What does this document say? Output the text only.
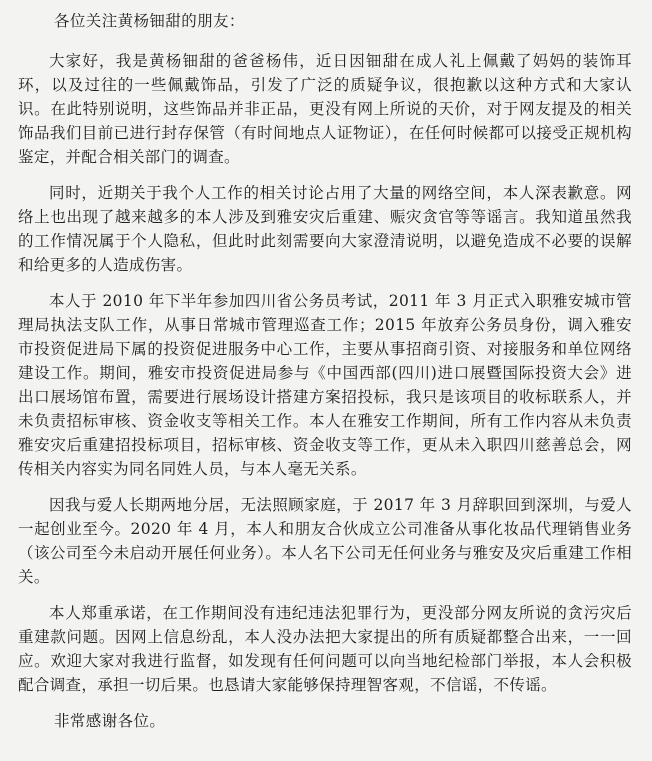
各位关注黄杨钿甜的朋友：

大家好，我是黄杨钿甜的爸爸杨伟，近日因钿甜在成人礼上佩戴了妈妈的装饰耳环，以及过往的一些佩戴饰品，引发了广泛的质疑争议，很抱歉以这种方式和大家认识。在此特别说明，这些饰品并非正品，更没有网上所说的天价，对于网友提及的相关饰品我们目前已进行封存保管（有时间地点人证物证），在任何时候都可以接受正规机构鉴定，并配合相关部门的调查。

同时，近期关于我个人工作的相关讨论占用了大量的网络空间，本人深表歉意。网络上也出现了越来越多的本人涉及到雅安灾后重建、赈灾贪官等等谣言。我知道虽然我的工作情况属于个人隐私，但此时此刻需要向大家澄清说明，以避免造成不必要的误解和给更多的人造成伤害。

本人于 2010 年下半年参加四川省公务员考试，2011 年 3 月正式入职雅安城市管理局执法支队工作，从事日常城市管理巡查工作；2015 年放弃公务员身份，调入雅安市投资促进局下属的投资促进服务中心工作，主要从事招商引资、对接服务和单位网络建设工作。期间，雅安市投资促进局参与《中国西部(四川)进口展暨国际投资大会》进出口展场馆布置，需要进行展场设计搭建方案招投标，我只是该项目的收标联系人，并未负责招标审核、资金收支等相关工作。本人在雅安工作期间，所有工作内容从未负责雅安灾后重建招投标项目，招标审核、资金收支等工作，更从未入职四川慈善总会，网传相关内容实为同名同姓人员，与本人毫无关系。

因我与爱人长期两地分居，无法照顾家庭，于 2017 年 3 月辞职回到深圳，与爱人一起创业至今。2020 年 4 月，本人和朋友合伙成立公司准备从事化妆品代理销售业务（该公司至今未启动开展任何业务）。本人名下公司无任何业务与雅安及灾后重建工作相关。

本人郑重承诺，在工作期间没有违纪违法犯罪行为，更没部分网友所说的贪污灾后重建款问题。因网上信息纷乱，本人没办法把大家提出的所有质疑都整合出来，一一回应。欢迎大家对我进行监督，如发现有任何问题可以向当地纪检部门举报，本人会积极配合调查，承担一切后果。也恳请大家能够保持理智客观，不信谣，不传谣。

非常感谢各位。
